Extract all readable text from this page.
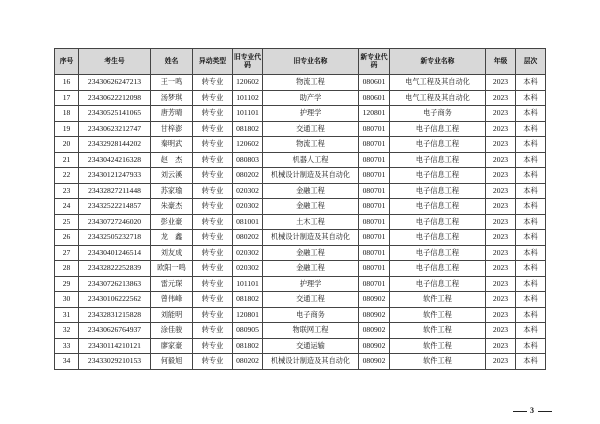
序号	考生号	姓名	异动类型	旧专业代码	旧专业名称	新专业代码	新专业名称	年级	层次
16	23430626247213	王一鸣	转专业	120602	物流工程	080601	电气工程及其自动化	2023	本科
17	23430622212098	汤梦琪	转专业	101102	助产学	080601	电气工程及其自动化	2023	本科
18	23430525141065	唐芳晴	转专业	101101	护理学	120801	电子商务	2023	本科
19	23430623212747	甘梓澎	转专业	081802	交通工程	080701	电子信息工程	2023	本科
20	23432928144202	秦明武	转专业	120602	物流工程	080701	电子信息工程	2023	本科
21	23430424216328	赵　杰	转专业	080803	机器人工程	080701	电子信息工程	2023	本科
22	23430121247933	刘云溪	转专业	080202	机械设计制造及其自动化	080701	电子信息工程	2023	本科
23	23432827211448	苏家瑜	转专业	020302	金融工程	080701	电子信息工程	2023	本科
24	23432522214857	朱豪杰	转专业	020302	金融工程	080701	电子信息工程	2023	本科
25	23430727246020	彭业豪	转专业	081001	土木工程	080701	电子信息工程	2023	本科
26	23432505232718	龙　鑫	转专业	080202	机械设计制造及其自动化	080701	电子信息工程	2023	本科
27	23430401246514	刘友成	转专业	020302	金融工程	080701	电子信息工程	2023	本科
28	23432822252839	欧阳一鸣	转专业	020302	金融工程	080701	电子信息工程	2023	本科
29	23430726213863	雷元琛	转专业	101101	护理学	080701	电子信息工程	2023	本科
30	23430106222562	曾伟峰	转专业	081802	交通工程	080902	软件工程	2023	本科
31	23432831215828	刘能明	转专业	120801	电子商务	080902	软件工程	2023	本科
32	23430626764937	涂佳骏	转专业	080905	物联网工程	080902	软件工程	2023	本科
33	23430114210121	廖家豪	转专业	081802	交通运输	080902	软件工程	2023	本科
34	23433029210153	何毅旭	转专业	080202	机械设计制造及其自动化	080902	软件工程	2023	本科
3
